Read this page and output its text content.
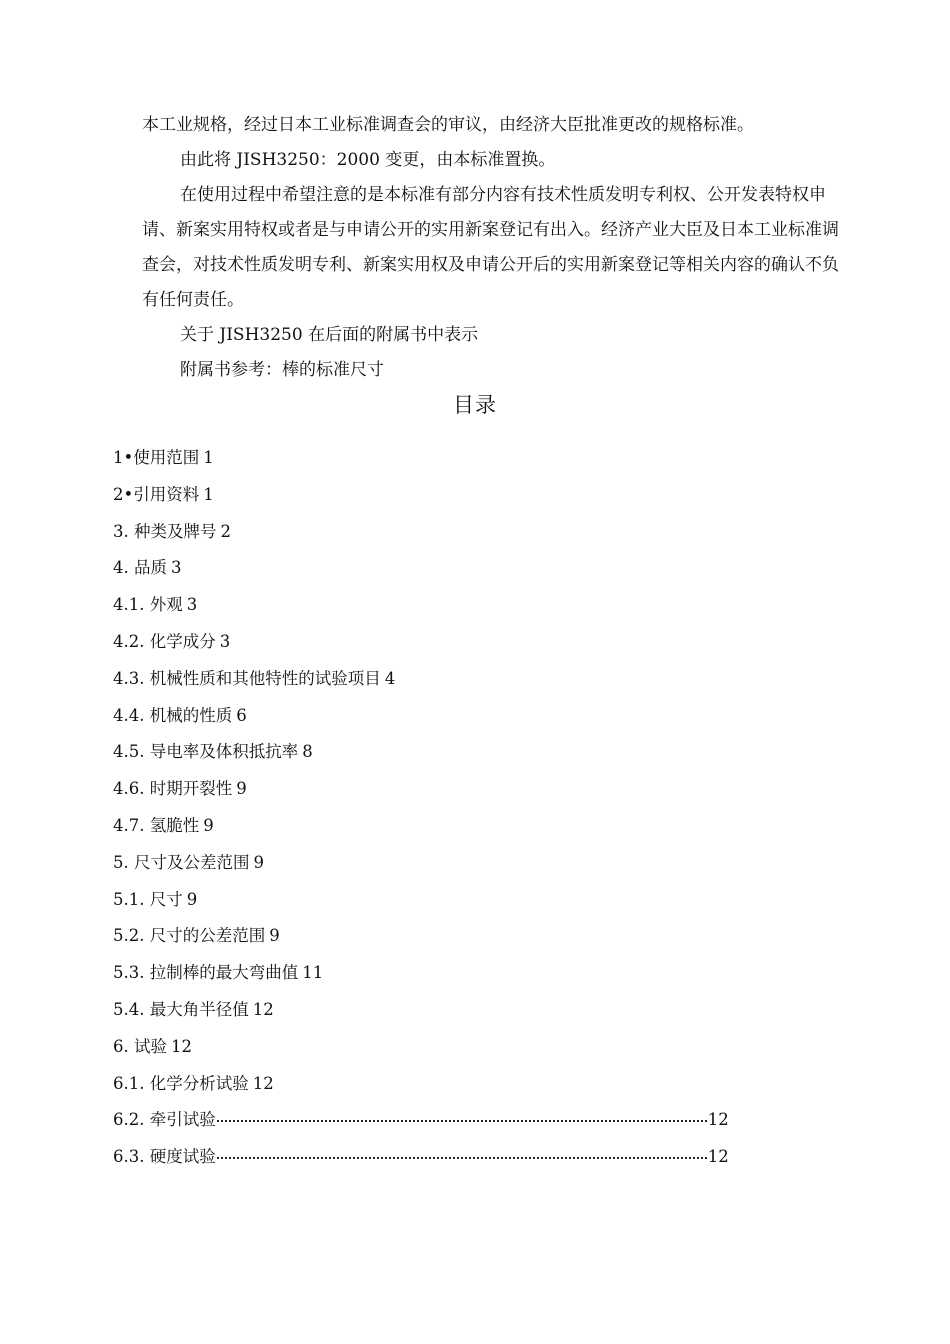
本工业规格，经过日本工业标准调查会的审议，由经济大臣批准更改的规格标准。

由此将 JISH3250：2000 变更，由本标准置换。

在使用过程中希望注意的是本标准有部分内容有技术性质发明专利权、公开发表特权申请、新案实用特权或者是与申请公开的实用新案登记有出入。经济产业大臣及日本工业标准调查会，对技术性质发明专利、新案实用权及申请公开后的实用新案登记等相关内容的确认不负有任何责任。

关于 JISH3250 在后面的附属书中表示

附属书参考：棒的标准尺寸

目录
1• 使用范围 1
2• 引用资料 1
3. 种类及牌号 2
4. 品质 3
4.1. 外观 3
4.2. 化学成分 3
4.3. 机械性质和其他特性的试验项目 4
4.4. 机械的性质 6
4.5. 导电率及体积抵抗率 8
4.6. 时期开裂性 9
4.7. 氢脆性 9
5. 尺寸及公差范围 9
5.1. 尺寸 9
5.2. 尺寸的公差范围 9
5.3. 拉制棒的最大弯曲值 11
5.4. 最大角半径值 12
6. 试验 12
6.1. 化学分析试验 12
6.2. 牵引试验	12
6.3. 硬度试验	12
